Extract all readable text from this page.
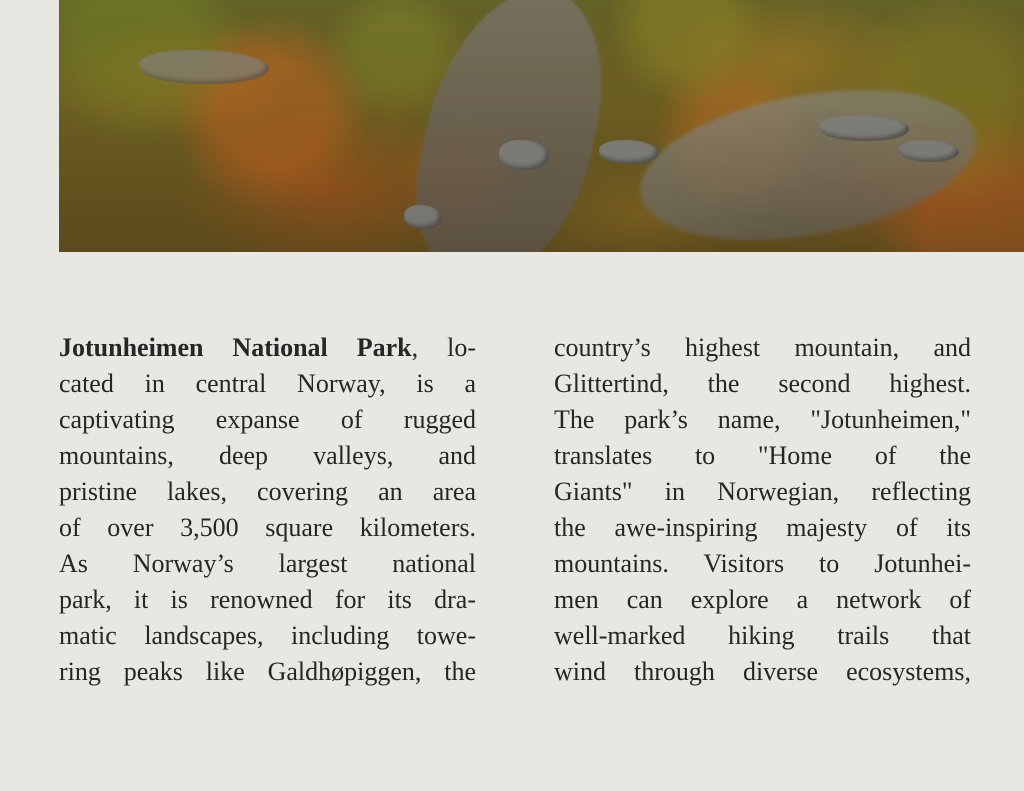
Jotunheimen National Park, lo-
cated in central Norway, is a
captivating expanse of rugged
mountains, deep valleys, and
pristine lakes, covering an area
of over 3,500 square kilometers.
As Norway’s largest national
park, it is renowned for its dra-
matic landscapes, including towe-
ring peaks like Galdhøpiggen, the
country’s highest mountain, and
Glittertind, the second highest.
The park’s name, "Jotunheimen,"
translates to "Home of the
Giants" in Norwegian, reflecting
the awe-inspiring majesty of its
mountains. Visitors to Jotunhei-
men can explore a network of
well-marked hiking trails that
wind through diverse ecosystems,
